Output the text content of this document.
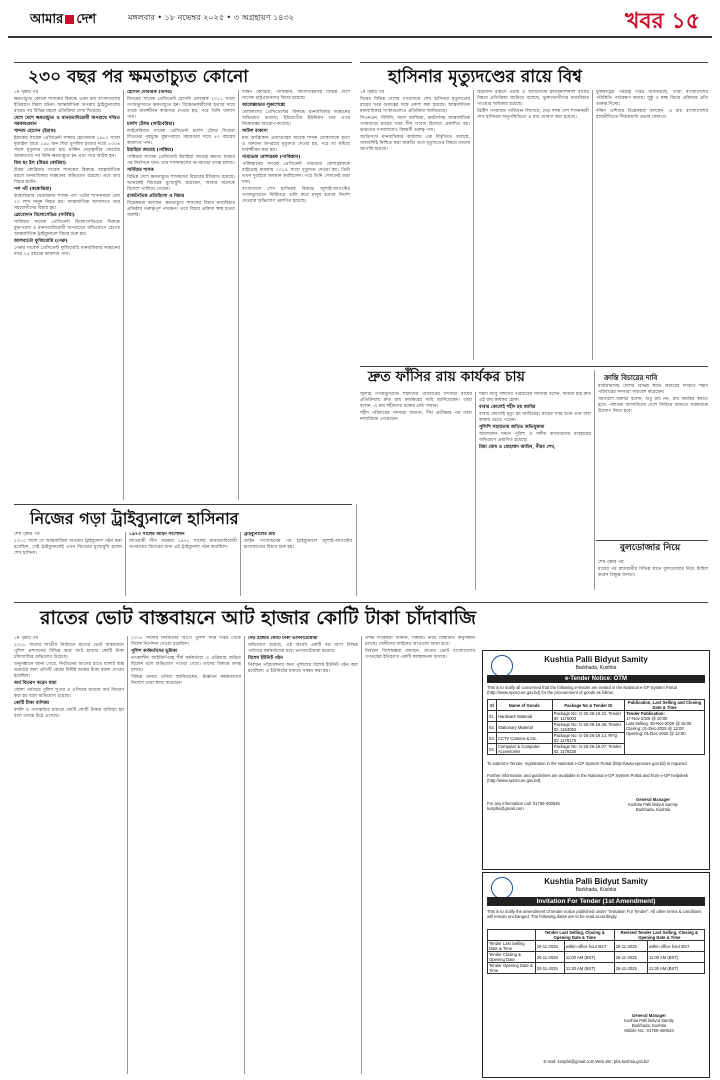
আমার দেশ	মঙ্গলবার • ১৮ নভেম্বর ২০২৫ • ৩ অগ্রহায়ণ ১৪৩২	খবর ১৫
২৩০ বছর পর ক্ষমতাচ্যুত কোনো

১ম পৃষ্ঠার পর

ক্ষমতাচ্যুত কোনো শাসকের বিরুদ্ধে এমন রায় বাংলাদেশের ইতিহাসে বিরল ঘটনা। আন্তর্জাতিক অপরাধ ট্রাইব্যুনালের রায়ের পর বিভিন্ন মহলে প্রতিক্রিয়া দেখা দিয়েছে।

দেশে দেশে ক্ষমতাচ্যুত ও মানবতাবিরোধী অপরাধে দণ্ডিত সরকারপ্রধান

সাদ্দাম হোসেন (ইরাক)

ইরাকের সাবেক প্রেসিডেন্ট সাদ্দাম হোসেনকে ১৯৮২ সালে দুজাইল গ্রামে ১৪৮ জন শিয়া মুসলিম হত্যার দায়ে ২০০৬ সালে মৃত্যুদণ্ড দেওয়া হয়। মার্কিন নেতৃত্বাধীন জোটের আক্রমণের পর তিনি ক্ষমতাচ্যুত হন এবং পরে আটক হন।

কিম ছং ইল (উত্তর কোরিয়া)

উত্তর কোরিয়ার সাবেক শাসকের বিরুদ্ধে আন্তর্জাতিক মহলে মানবাধিকার লঙ্ঘনের অভিযোগ রয়েছে। তবে তার বিচার হয়নি।

পল পট (কম্বোডিয়া)

কম্বোডিয়ার খেমাররুজ শাসক পল পটের শাসনামলে প্রায় ২০ লাখ মানুষ নিহত হয়। আন্তর্জাতিক আদালতে তার সহযোগীদের বিচার হয়।

স্লোবোদান মিলোসেভিচ (সার্বিয়া)

সার্বিয়ার সাবেক প্রেসিডেন্ট মিলোসেভিচের বিরুদ্ধে যুদ্ধাপরাধ ও মানবতাবিরোধী অপরাধের অভিযোগে হেগের আন্তর্জাতিক ট্রাইব্যুনালে বিচার শুরু হয়।

আলবার্তো ফুজিমোরি (পেরু)

পেরুর সাবেক প্রেসিডেন্ট ফুজিমোরি মানবাধিকার লঙ্ঘনের দায়ে ২৫ বছরের কারাদণ্ড পান।

হোসনি মোবারক (মিসর)

মিসরের সাবেক প্রেসিডেন্ট হোসনি মোবারক ২০১১ সালে গণঅভ্যুত্থানে ক্ষমতাচ্যুত হন। বিক্ষোভকারীদের হত্যার দায়ে তাকে যাবজ্জীবন কারাদণ্ড দেওয়া হয়, পরে তিনি খালাস পান।

চার্লস টেলর (লাইবেরিয়া)

লাইবেরিয়ার সাবেক প্রেসিডেন্ট চার্লস টেলর সিয়েরা লিওনের গৃহযুদ্ধে যুদ্ধাপরাধে সহায়তার দায়ে ৫০ বছরের কারাদণ্ড পান।

ইয়াহিয়া জামেহ (গাম্বিয়া)

গাম্বিয়ার সাবেক প্রেসিডেন্ট ইয়াহিয়া জামেহ ক্ষমতা ছাড়ার পর নির্বাসনে যান। তার শাসনামলের অপরাধের তদন্ত চলছে।

সার্বিয়ার শাসক

বিভিন্ন দেশে ক্ষমতাচ্যুত শাসকদের বিচারের ইতিহাস রয়েছে। অনেকেই বিচারের মুখোমুখি হয়েছেন, আবার অনেকে বিদেশে পালিয়ে গেছেন।

রাজনৈতিক প্রতিহিংসা ও বিচার

বিশ্লেষকরা বলছেন, ক্ষমতাচ্যুত শাসকের বিচার ন্যায়বিচার প্রতিষ্ঠার গুরুত্বপূর্ণ পদক্ষেপ। তবে বিচার প্রক্রিয়া স্বচ্ছ হওয়া জরুরি।

দক্ষিণ কোরিয়া, পাকিস্তান, ফিলিপাইনসহ বিভিন্ন দেশে সাবেক রাষ্ট্রপ্রধানদের বিচার হয়েছে।

আলেক্সান্ডার লুকাশেঙ্কো

বেলারুশের প্রেসিডেন্টের বিরুদ্ধে মানবাধিকার লঙ্ঘনের অভিযোগ রয়েছে। ইউরোপীয় ইউনিয়ন তার ওপর নিষেধাজ্ঞা আরোপ করেছে।

সাউল বাকাসা

মধ্য আফ্রিকান প্রজাতন্ত্রের সাবেক শাসক বোকাসাকে হত্যা ও অন্যান্য অপরাধে মৃত্যুদণ্ড দেওয়া হয়, পরে তা কমিয়ে যাবজ্জীবন করা হয়।

পারভেজ মোশাররফ (পাকিস্তান)

পাকিস্তানের সাবেক প্রেসিডেন্ট পারভেজ মোশাররফকে রাষ্ট্রদ্রোহ মামলায় ২০১৯ সালে মৃত্যুদণ্ড দেওয়া হয়। তিনি তখন দুবাইয়ে অবস্থান করছিলেন। পরে তিনি সেখানেই মারা যান।

বাংলাদেশে শেখ হাসিনার বিরুদ্ধে জুলাই-আগস্টের গণঅভ্যুত্থানে নির্বিচারে গুলি করে মানুষ হত্যার নির্দেশ দেওয়ার অভিযোগ প্রমাণিত হয়েছে।

হাসিনার মৃত্যুদণ্ডের রায়ে বিশ্ব

১ম পৃষ্ঠার পর

বিশ্বের বিভিন্ন দেশের গণমাধ্যমে শেখ হাসিনার মৃত্যুদণ্ডের রায়ের খবর গুরুত্বের সঙ্গে প্রকাশ করা হয়েছে। আন্তর্জাতিক মানবাধিকার সংস্থাগুলোও প্রতিক্রিয়া জানিয়েছে।

সিএনএন, বিবিসি, আল জাজিরা, রয়টার্সসহ আন্তর্জাতিক গণমাধ্যমে রায়ের খবর শীর্ষ সংবাদ হিসেবে প্রকাশিত হয়। ভারতের গণমাধ্যমেও বিষয়টি গুরুত্ব পায়।

জাতিসংঘ মানবাধিকার কার্যালয় এক বিবৃতিতে বলেছে, জবাবদিহি নিশ্চিত করা জরুরি। তবে মৃত্যুদণ্ডের বিষয়ে তাদের আপত্তি রয়েছে।

হিউম্যান রাইটস ওয়াচ ও অ্যামনেস্টি ইন্টারন্যাশনাল রায়ের বিষয়ে প্রতিক্রিয়া জানিয়ে বলেছে, ভুক্তভোগীদের ন্যায়বিচার পাওয়ার অধিকার রয়েছে।

ব্রিটিশ গণমাধ্যম গার্ডিয়ান লিখেছে, দেড় দশক দেশ শাসনকারী শেখ হাসিনার অনুপস্থিতিতে এ রায় ঘোষণা করা হয়েছে।

যুক্তরাষ্ট্রের পররাষ্ট্র দপ্তর জানিয়েছে, তারা বাংলাদেশের পরিস্থিতি পর্যবেক্ষণ করছে। সুষ্ঠু ও স্বচ্ছ বিচার প্রক্রিয়ার প্রতি গুরুত্ব দিচ্ছে।

দক্ষিণ এশিয়ার বিশ্লেষকরা বলছেন, এ রায় বাংলাদেশের রাজনীতিতে দীর্ঘমেয়াদি প্রভাব ফেলবে।

দ্রুত ফাঁসির রায় কার্যকর চায়

জুলাই গণঅভ্যুত্থানে শহীদদের পরিবারের সদস্যরা রায়ের প্রতিক্রিয়ায় দ্রুত রায় কার্যকরের দাবি জানিয়েছেন। তারা বলেন, এ রায় শহীদদের রক্তের প্রতি সম্মান।

শহীদ পরিবারের সদস্যরা জানান, দীর্ঘ প্রতীক্ষার পর তারা ন্যায়বিচার পেয়েছেন।

শহীদ আবু সাঈদের পরিবারের সদস্যরা বলেন, আমরা চাই দ্রুত এই রায় কার্যকর হোক।

বাবার কোলেই শহীদ হয় জাবির

বাবার কোলেই মৃত্যু হয় জাবিরের। রায়ের খবর শুনে তার বাবা কান্নায় ভেঙে পড়েন।

পুলিশি সহায়তায় জড়িত অভিযুক্তরা

আন্দোলন দমনে পুলিশ ও দলীয় ক্যাডারদের ব্যবহারের অভিযোগ প্রমাণিত হয়েছে।

রিয়া ঘোষ ও মোহাম্মদ আমিন, নীরব শেখ,

ক্রান্তি বিচারের দাবি

রাজধানীসহ দেশের বিভিন্ন স্থানে বিচারের দাবিতে শহীদ পরিবারের সদস্যরা সমাবেশ করেছেন।

সমাবেশে বক্তারা বলেন, শুধু রায় নয়, রায় কার্যকর করতে হবে। পলাতক আসামিদের দেশে ফিরিয়ে আনতে সরকারকে উদ্যোগ নিতে হবে।

বুলডোজার নিয়ে

শেষ পৃষ্ঠার পর

রায়ের পর রাজধানীর বিভিন্ন স্থানে বুলডোজার নিয়ে মিছিল করেন বিক্ষুব্ধ জনতা।

নিজের গড়া ট্রাইব্যুনালে হাসিনার

শেষ পৃষ্ঠার পর

২০১০ সালে যে আন্তর্জাতিক অপরাধ ট্রাইব্যুনাল গঠন করা হয়েছিল, সেই ট্রাইব্যুনালেই এখন বিচারের মুখোমুখি হলেন শেখ হাসিনা।

১৯৭৩ সালের আইন সংশোধন

আওয়ামী লীগ সরকার ১৯৭১ সালের মানবতাবিরোধী অপরাধের বিচারের জন্য এই ট্রাইব্যুনাল গঠন করেছিল।

ট্রাইব্যুনালের রায়

আইন সংশোধনের পর ট্রাইব্যুনালে জুলাই-আগস্টের হত্যাকাণ্ডের বিচার শুরু হয়।

রাতের ভোট বাস্তবায়নে আট হাজার কোটি টাকা চাঁদাবাজি

১ম পৃষ্ঠার পর

২০১৮ সালের জাতীয় নির্বাচনে রাতের ভোট বাস্তবায়নে পুলিশ প্রশাসনের বিভিন্ন স্তরে আট হাজার কোটি টাকা চাঁদাবাজির অভিযোগ উঠেছে।

অনুসন্ধানে জানা গেছে, নির্বাচনের আগের রাতে ব্যালট বাক্স ভরাটের জন্য প্রতিটি কেন্দ্রে নির্দিষ্ট অঙ্কের টাকা বরাদ্দ দেওয়া হয়েছিল।

অর্থ বিতরণ করেন যারা

জেলা পর্যায়ের পুলিশ সুপার ও ওসিদের মাধ্যমে অর্থ বিতরণ করা হয় বলে অভিযোগ রয়েছে।

কোটি টাকা বাণিজ্য

বদলি ও পদোন্নতির মাধ্যমে কোটি কোটি টাকার বাণিজ্য হয় বলে তদন্তে উঠে এসেছে।

২০১৮ সালের নির্বাচনের আগে পুলিশ সদর দপ্তর থেকে বিশেষ নির্দেশনা দেওয়া হয়েছিল।

পুলিশ কর্মকর্তাদের ভূমিকা

তৎকালীন আইজিপিসহ শীর্ষ কর্মকর্তারা এ প্রক্রিয়ায় জড়িত ছিলেন বলে অভিযোগ পাওয়া গেছে। তাদের বিরুদ্ধে তদন্ত চলছে।

বিভিন্ন থানার ওসিরা জানিয়েছেন, ঊর্ধ্বতন কর্মকর্তাদের নির্দেশে তারা কাজ করেছেন।

দেড় হাজার কোটি টাকা ভাগবাটোয়ারা

অভিযোগ রয়েছে, এই অর্থের একটি বড় অংশ বিভিন্ন পর্যায়ের কর্মকর্তাদের মধ্যে ভাগবাটোয়ারা হয়েছে।

বিশেষ ইউনিট গঠন

নির্বাচন পরিচালনার জন্য পুলিশের বিশেষ ইউনিট গঠন করা হয়েছিল। এ ইউনিটের মাধ্যমে সমন্বয় করা হয়।

তদন্ত সংশ্লিষ্টরা জানান, বিষয়টি নিয়ে বিস্তারিত অনুসন্ধান চলছে। দোষীদের আইনের আওতায় আনা হবে।

নির্বাচন বিশেষজ্ঞরা বলছেন, রাতের ভোট বাংলাদেশের গণতন্ত্রের ইতিহাসে একটি কলঙ্কজনক অধ্যায়।	Kushtia Palli Bidyut Samity
Barkhada, Kushtia
e-Tender Notice: OTM
This is to notify all concerned that the following e-tender are invited in the National e-GP System Portal (http://www.eprocure.gov.bd) for the procurement of goods as follow:
Sl	Name of Goods	Package No & Tender ID	Publication, Last Selling and Closing Date & Time
01.	Hardware Material	Package No: G-25-26-19.22, Tender ID: 1176003	Tender Publication:
17-Nov-2025 @ 10:00
Last Selling: 30-Nov-2025 @ 15:00
Closing: 01-Dec-2025 @ 12:00
Opening: 01-Dec-2025 @ 12:00
02.	Stationary Material	Package No: G-25-26-16.38, Tender ID: 1164062	
03.	CCTV Camera & etc.	Package No: G-25-26-19.14, RFQ ID: 1178175	
04.	Computer & Computer Accessories	Package No: G-25-26-19.07, Tender ID: 1178220	
To submit e-Tender, registration in the National e-GP System Portal (http://www.eprocure.gov.bd) is required.
Further information and guidelines are available in the National e-GP System Portal and from e-GP helpdesk (http://www.eprocure.gov.bd).
For any information call: 01769-400545 kuspbs@gmail.com
General Manager
Kushtia Palli Bidyut Samity
Barkhada, Kushtia
Kushtia Palli Bidyut Samity
Barkhada, Kushtia
Invitation For Tender (1st Amendment)
This is to notify the amendment of tender notice published under "Invitation For Tender". All other terms & conditions will remain unchanged. The following dates are to be read accordingly.
	Tender Last Selling, Closing & Opening Date & Time		Revised Tender Last Selling, Closing & Opening Date & Time	
Tender Last Selling Date & Time	19-11-2025	within office hour BST	25-11-2025	within office hour BST
Tender Closing & Opening Date	20-11-2025	11:00 AM (BST)	26-11-2025	11:00 AM (BST)
Tender Opening Date & Time	20-11-2025	11:30 AM (BST)	26-11-2025	11:30 AM (BST)
General Manager
Kushtia Palli Bidyut Samity
Barkhada, Kushtia
Mobile No.: 01769-400543
E-mail: kuspbs@gmail.com Web site: pbs.kushtia.gov.bd
